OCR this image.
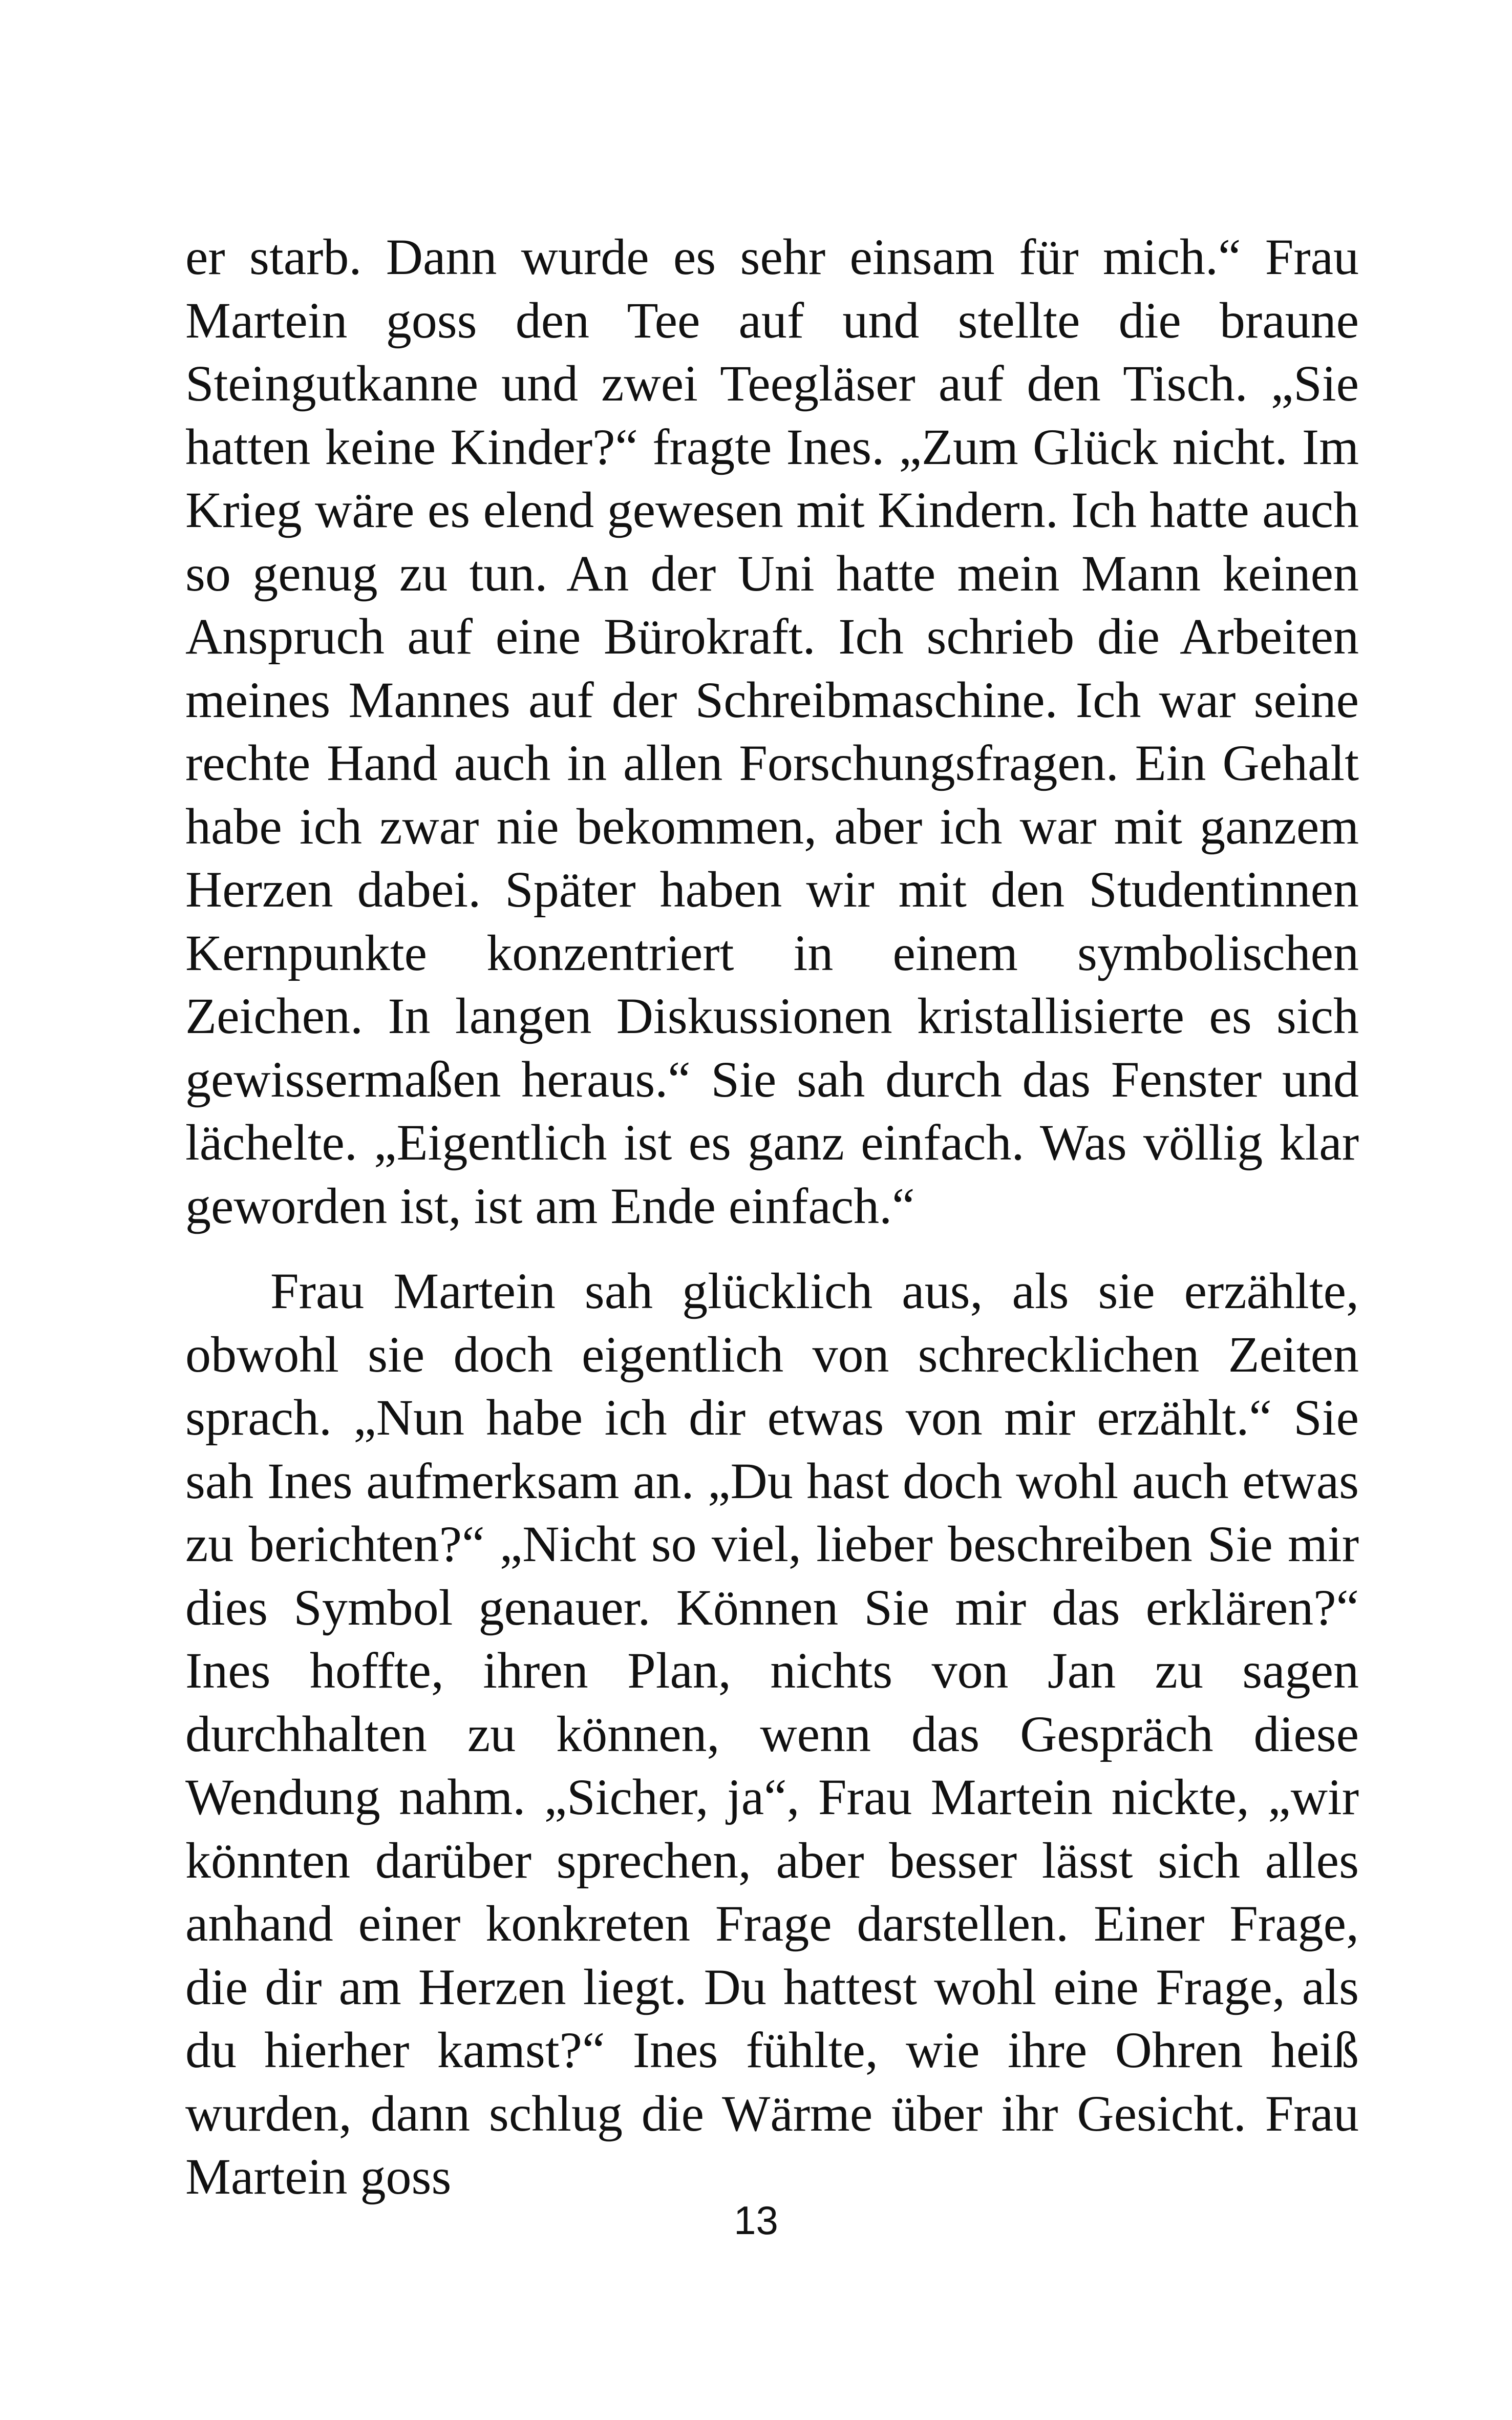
er starb. Dann wurde es sehr einsam für mich.“ Frau Martein goss den Tee auf und stellte die braune Steingutkanne und zwei Teegläser auf den Tisch. „Sie hatten keine Kinder?“ fragte Ines. „Zum Glück nicht. Im Krieg wäre es elend gewesen mit Kindern. Ich hatte auch so genug zu tun. An der Uni hatte mein Mann keinen Anspruch auf eine Bürokraft. Ich schrieb die Arbeiten meines Mannes auf der Schreibmaschine. Ich war seine rechte Hand auch in allen Forschungsfragen. Ein Gehalt habe ich zwar nie bekommen, aber ich war mit ganzem Herzen dabei. Später haben wir mit den Studentinnen Kernpunkte konzentriert in einem symbolischen Zeichen. In langen Diskussionen kristallisierte es sich gewissermaßen heraus.“ Sie sah durch das Fenster und lächelte. „Eigentlich ist es ganz einfach. Was völlig klar geworden ist, ist am Ende einfach.“

Frau Martein sah glücklich aus, als sie erzählte, obwohl sie doch eigentlich von schrecklichen Zeiten sprach. „Nun habe ich dir etwas von mir erzählt.“ Sie sah Ines aufmerksam an. „Du hast doch wohl auch etwas zu berichten?“ „Nicht so viel, lieber beschreiben Sie mir dies Symbol genauer. Können Sie mir das erklären?“ Ines hoffte, ihren Plan, nichts von Jan zu sagen durchhalten zu können, wenn das Gespräch diese Wendung nahm. „Sicher, ja“, Frau Martein nickte, „wir könnten darüber sprechen, aber besser lässt sich alles anhand einer konkreten Frage darstellen. Einer Frage, die dir am Herzen liegt. Du hattest wohl eine Frage, als du hierher kamst?“ Ines fühlte, wie ihre Ohren heiß wurden, dann schlug die Wärme über ihr Gesicht. Frau Martein goss

13
